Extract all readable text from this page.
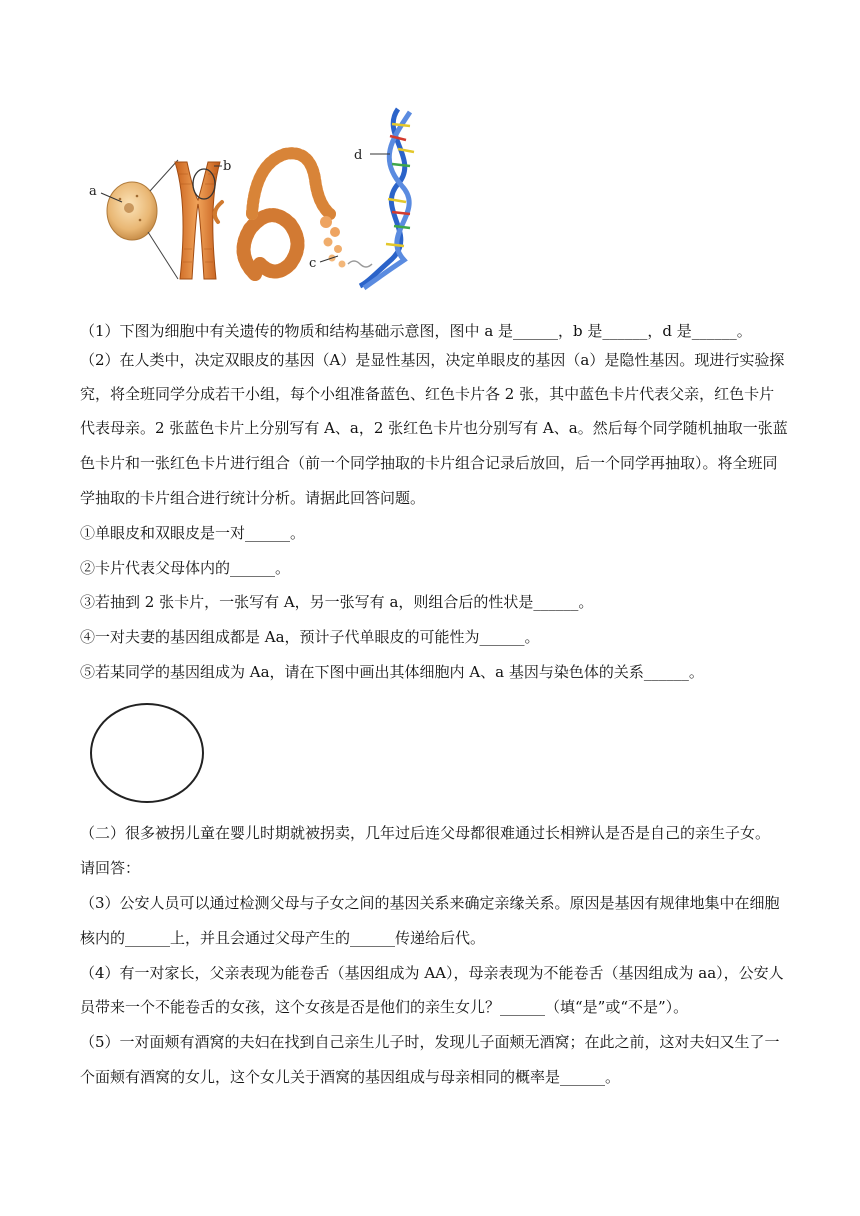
a
b
d
c
（1）下图为细胞中有关遗传的物质和结构基础示意图，图中 a 是______，b 是______，d 是______。
（2）在人类中，决定双眼皮的基因（A）是显性基因，决定单眼皮的基因（a）是隐性基因。现进行实验探
究，将全班同学分成若干小组，每个小组准备蓝色、红色卡片各 2 张，其中蓝色卡片代表父亲，红色卡片
代表母亲。2 张蓝色卡片上分别写有 A、a，2 张红色卡片也分别写有 A、a。然后每个同学随机抽取一张蓝
色卡片和一张红色卡片进行组合（前一个同学抽取的卡片组合记录后放回，后一个同学再抽取）。将全班同
学抽取的卡片组合进行统计分析。请据此回答问题。
①单眼皮和双眼皮是一对______。
②卡片代表父母体内的______。
③若抽到 2 张卡片，一张写有 A，另一张写有 a，则组合后的性状是______。
④一对夫妻的基因组成都是 Aa，预计子代单眼皮的可能性为______。
⑤若某同学的基因组成为 Aa，请在下图中画出其体细胞内 A、a 基因与染色体的关系______。
（二）很多被拐儿童在婴儿时期就被拐卖，几年过后连父母都很难通过长相辨认是否是自己的亲生子女。
请回答：
（3）公安人员可以通过检测父母与子女之间的基因关系来确定亲缘关系。原因是基因有规律地集中在细胞
核内的______上，并且会通过父母产生的______传递给后代。
（4）有一对家长，父亲表现为能卷舌（基因组成为 AA），母亲表现为不能卷舌（基因组成为 aa），公安人
员带来一个不能卷舌的女孩，这个女孩是否是他们的亲生女儿？______（填“是”或“不是”）。
（5）一对面颊有酒窝的夫妇在找到自己亲生儿子时，发现儿子面颊无酒窝；在此之前，这对夫妇又生了一
个面颊有酒窝的女儿，这个女儿关于酒窝的基因组成与母亲相同的概率是______。
